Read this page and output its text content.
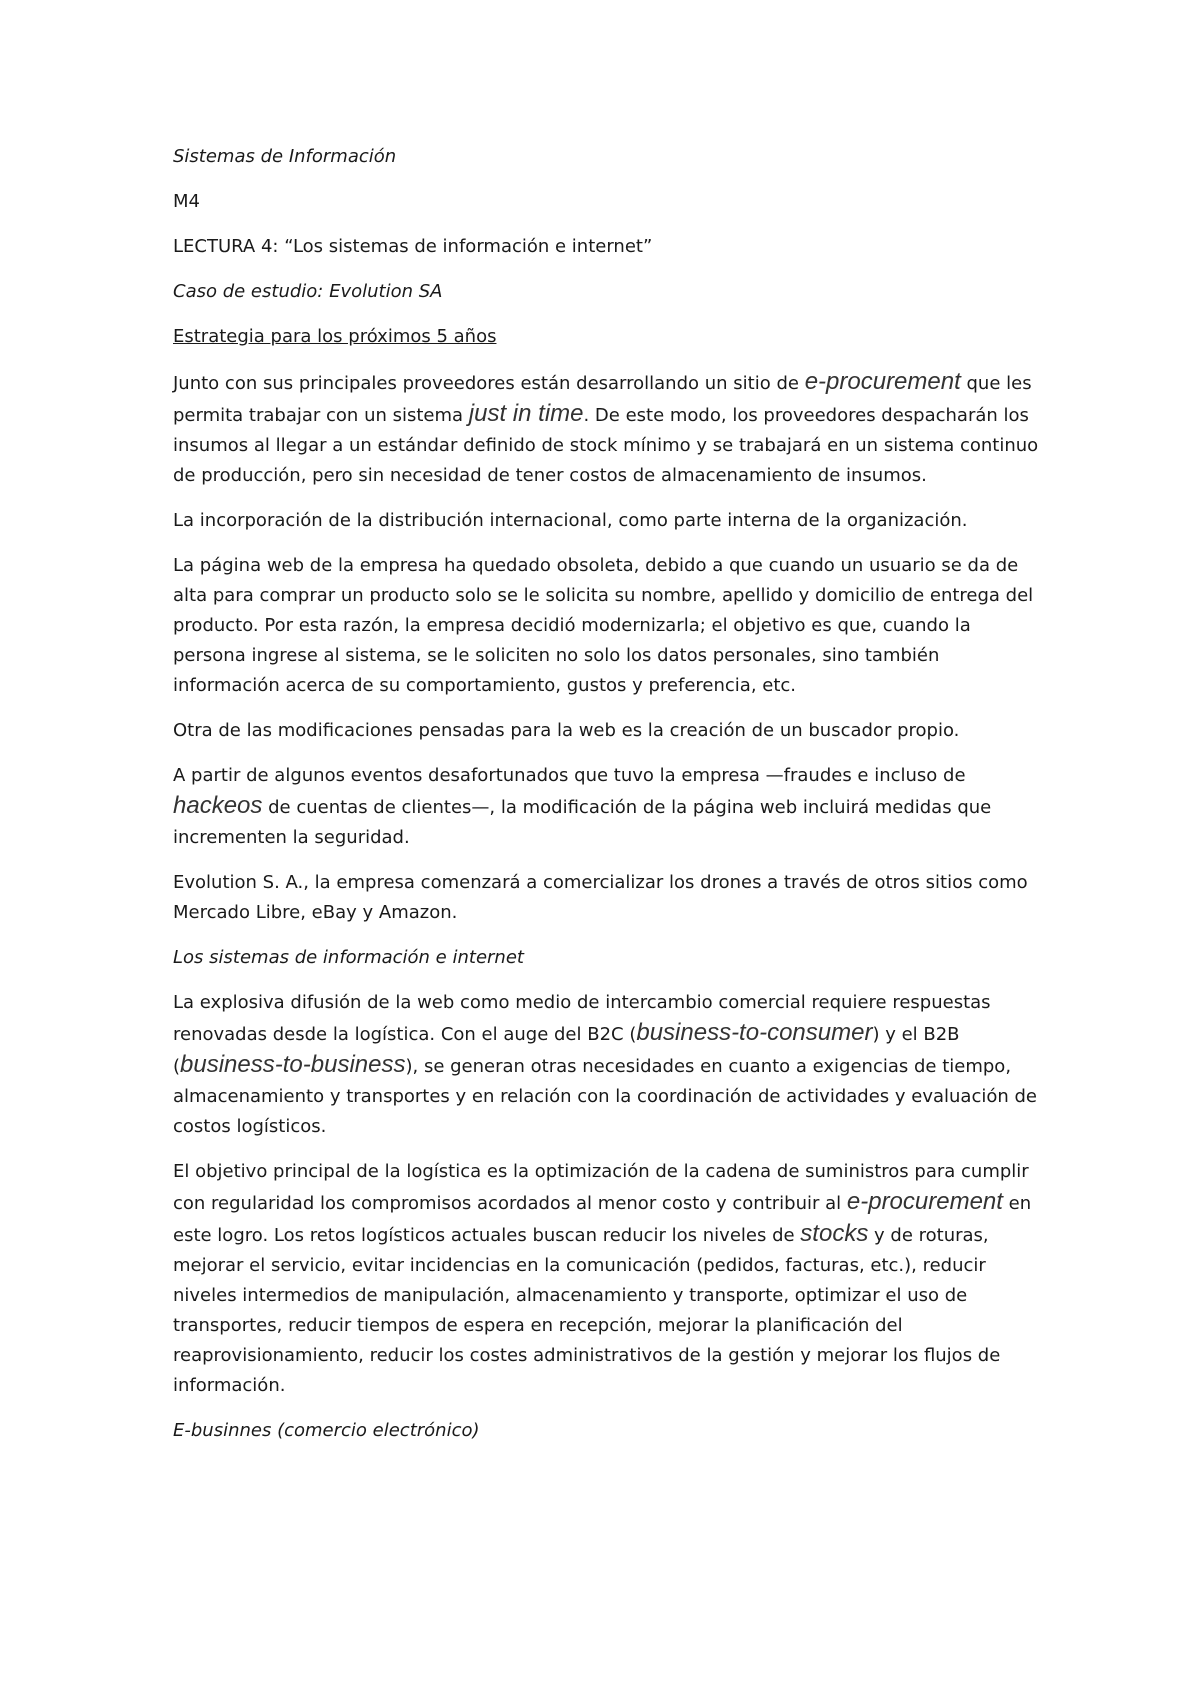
Sistemas de Información

M4

LECTURA 4: “Los sistemas de información e internet”

Caso de estudio: Evolution SA

Estrategia para los próximos 5 años

Junto con sus principales proveedores están desarrollando un sitio de e-procurement que les permita trabajar con un sistema just in time. De este modo, los proveedores despacharán los insumos al llegar a un estándar definido de stock mínimo y se trabajará en un sistema continuo de producción, pero sin necesidad de tener costos de almacenamiento de insumos.

La incorporación de la distribución internacional, como parte interna de la organización.

La página web de la empresa ha quedado obsoleta, debido a que cuando un usuario se da de alta para comprar un producto solo se le solicita su nombre, apellido y domicilio de entrega del producto. Por esta razón, la empresa decidió modernizarla; el objetivo es que, cuando la persona ingrese al sistema, se le soliciten no solo los datos personales, sino también información acerca de su comportamiento, gustos y preferencia, etc.

Otra de las modificaciones pensadas para la web es la creación de un buscador propio.

A partir de algunos eventos desafortunados que tuvo la empresa —fraudes e incluso de hackeos de cuentas de clientes—, la modificación de la página web incluirá medidas que incrementen la seguridad.

Evolution S. A., la empresa comenzará a comercializar los drones a través de otros sitios como Mercado Libre, eBay y Amazon.

Los sistemas de información e internet

La explosiva difusión de la web como medio de intercambio comercial requiere respuestas renovadas desde la logística. Con el auge del B2C (business-to-consumer) y el B2B (business-to-business), se generan otras necesidades en cuanto a exigencias de tiempo, almacenamiento y transportes y en relación con la coordinación de actividades y evaluación de costos logísticos.

El objetivo principal de la logística es la optimización de la cadena de suministros para cumplir con regularidad los compromisos acordados al menor costo y contribuir al e-procurement en este logro. Los retos logísticos actuales buscan reducir los niveles de stocks y de roturas, mejorar el servicio, evitar incidencias en la comunicación (pedidos, facturas, etc.), reducir niveles intermedios de manipulación, almacenamiento y transporte, optimizar el uso de transportes, reducir tiempos de espera en recepción, mejorar la planificación del reaprovisionamiento, reducir los costes administrativos de la gestión y mejorar los flujos de información.

E-businnes (comercio electrónico)
